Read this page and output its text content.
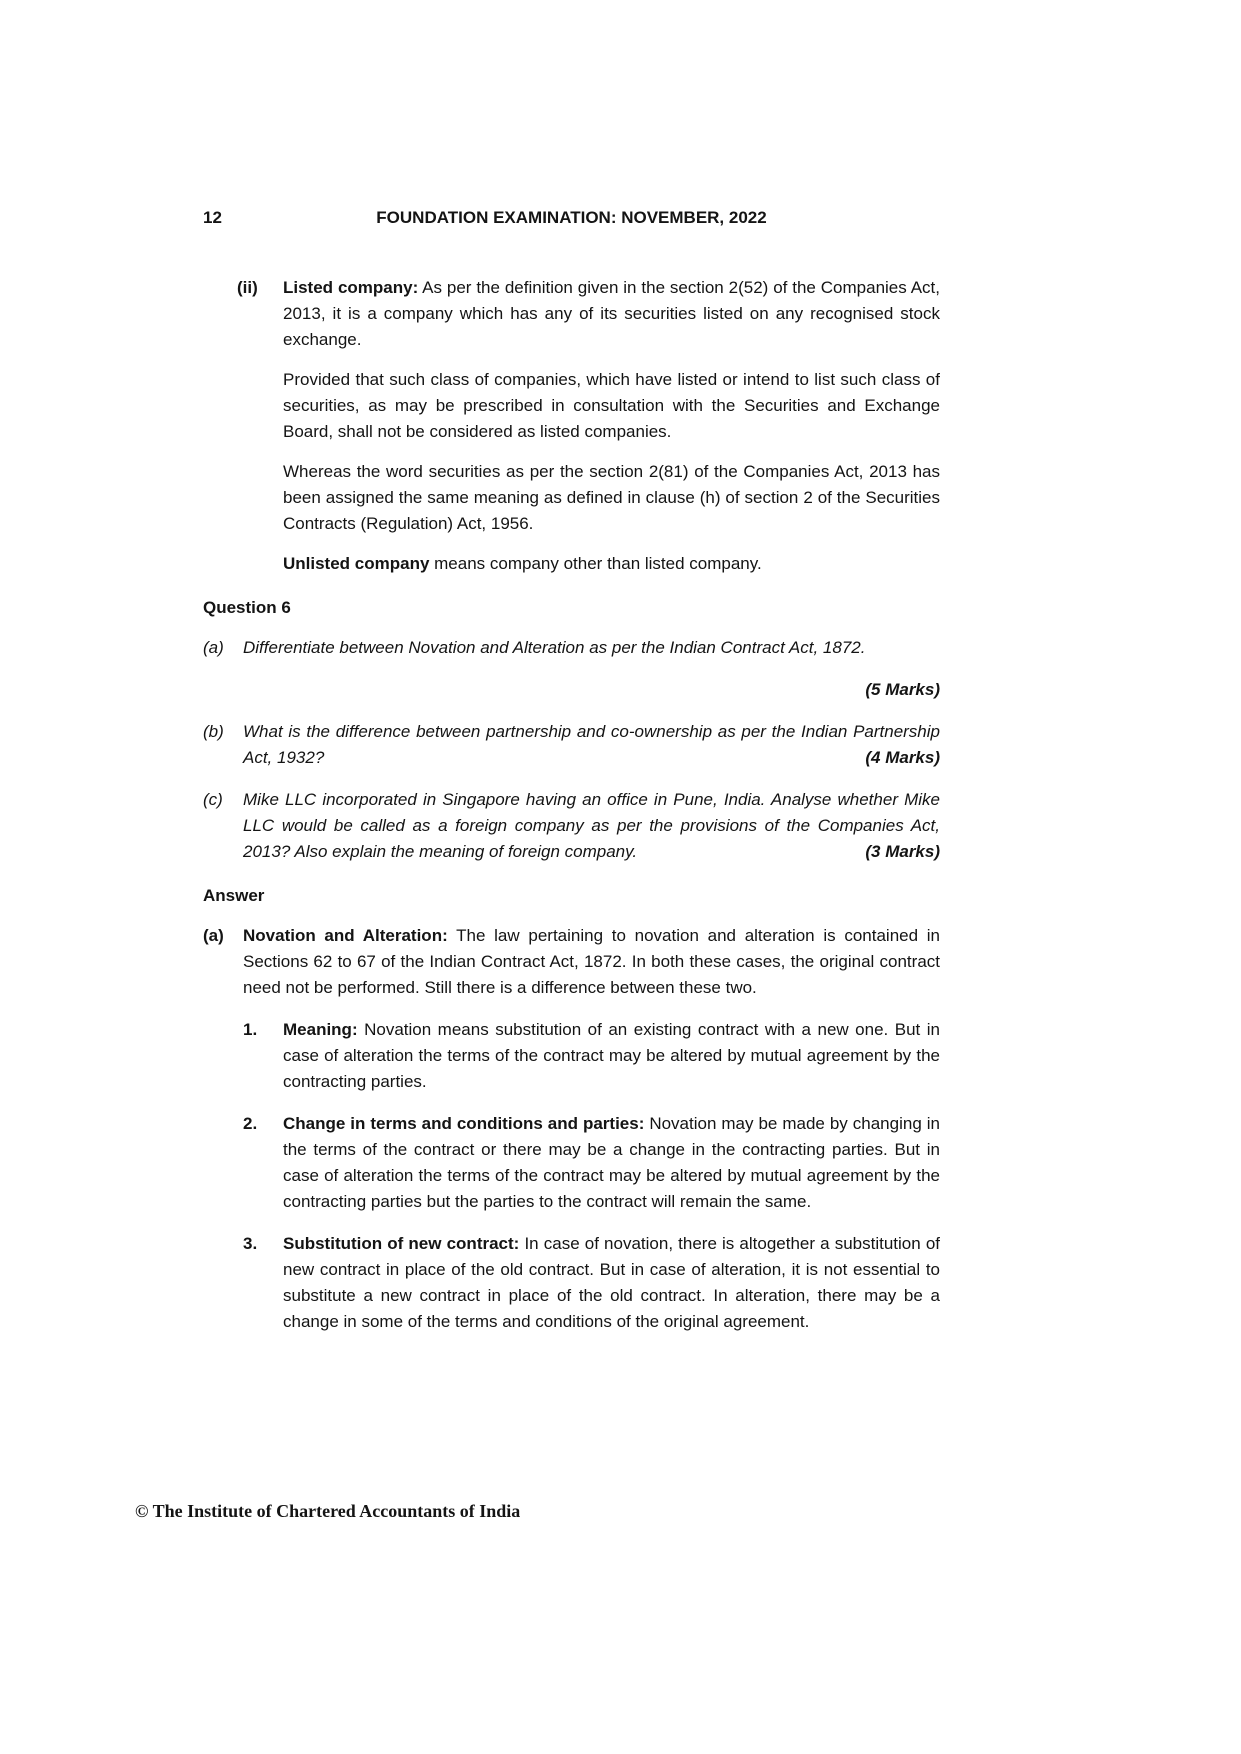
12	FOUNDATION EXAMINATION: NOVEMBER, 2022
(ii)	Listed company: As per the definition given in the section 2(52) of the Companies Act, 2013, it is a company which has any of its securities listed on any recognised stock exchange.

Provided that such class of companies, which have listed or intend to list such class of securities, as may be prescribed in consultation with the Securities and Exchange Board, shall not be considered as listed companies.

Whereas the word securities as per the section 2(81) of the Companies Act, 2013 has been assigned the same meaning as defined in clause (h) of section 2 of the Securities Contracts (Regulation) Act, 1956.

Unlisted company means company other than listed company.

Question 6
(a)	Differentiate between Novation and Alteration as per the Indian Contract Act, 1872.
(5 Marks)
(b)	What is the difference between partnership and co-ownership as per the Indian Partnership Act, 1932?	(4 Marks)
(c)	Mike LLC incorporated in Singapore having an office in Pune, India. Analyse whether Mike LLC would be called as a foreign company as per the provisions of the Companies Act, 2013? Also explain the meaning of foreign company.	(3 Marks)
Answer
(a)	Novation and Alteration: The law pertaining to novation and alteration is contained in Sections 62 to 67 of the Indian Contract Act, 1872. In both these cases, the original contract need not be performed. Still there is a difference between these two.
1.	Meaning: Novation means substitution of an existing contract with a new one. But in case of alteration the terms of the contract may be altered by mutual agreement by the contracting parties.
2.	Change in terms and conditions and parties: Novation may be made by changing in the terms of the contract or there may be a change in the contracting parties. But in case of alteration the terms of the contract may be altered by mutual agreement by the contracting parties but the parties to the contract will remain the same.
3.	Substitution of new contract: In case of novation, there is altogether a substitution of new contract in place of the old contract. But in case of alteration, it is not essential to substitute a new contract in place of the old contract. In alteration, there may be a change in some of the terms and conditions of the original agreement.
© The Institute of Chartered Accountants of India
